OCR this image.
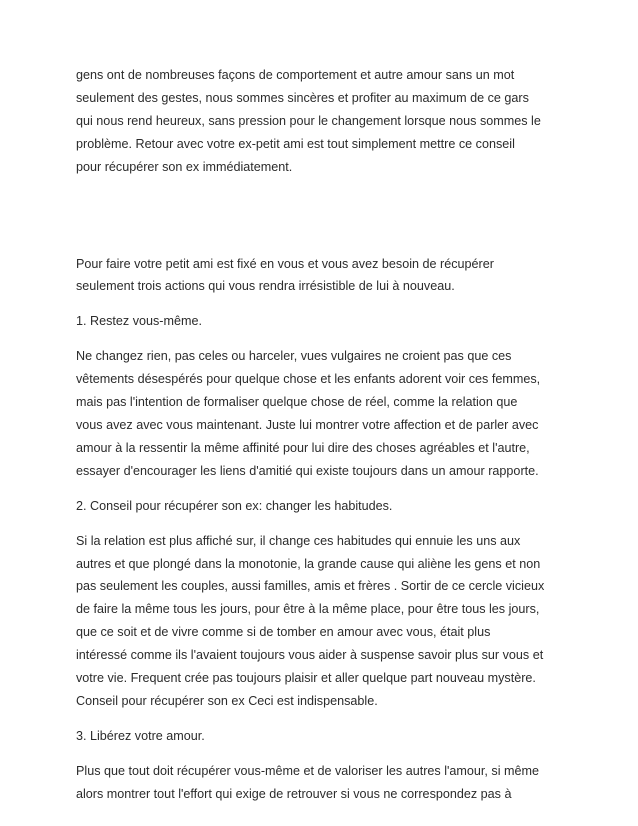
gens ont de nombreuses façons de comportement et autre amour sans un mot
seulement des gestes, nous sommes sincères et profiter au maximum de ce gars
qui nous rend heureux, sans pression pour le changement lorsque nous sommes le
problème. Retour avec votre ex-petit ami est tout simplement mettre ce conseil
pour récupérer son ex immédiatement.

Pour faire votre petit ami est fixé en vous et vous avez besoin de récupérer
seulement trois actions qui vous rendra irrésistible de lui à nouveau.

1. Restez vous-même.

Ne changez rien, pas celes ou harceler, vues vulgaires ne croient pas que ces
vêtements désespérés pour quelque chose et les enfants adorent voir ces femmes,
mais pas l'intention de formaliser quelque chose de réel, comme la relation que
vous avez avec vous maintenant. Juste lui montrer votre affection et de parler avec
amour à la ressentir la même affinité pour lui dire des choses agréables et l'autre,
essayer d'encourager les liens d'amitié qui existe toujours dans un amour rapporte.

2. Conseil pour récupérer son ex: changer les habitudes.

Si la relation est plus affiché sur, il change ces habitudes qui ennuie les uns aux
autres et que plongé dans la monotonie, la grande cause qui aliène les gens et non
pas seulement les couples, aussi familles, amis et frères . Sortir de ce cercle vicieux
de faire la même tous les jours, pour être à la même place, pour être tous les jours,
que ce soit et de vivre comme si de tomber en amour avec vous, était plus
intéressé comme ils l'avaient toujours vous aider à suspense savoir plus sur vous et
votre vie. Frequent crée pas toujours plaisir et aller quelque part nouveau mystère.
Conseil pour récupérer son ex Ceci est indispensable.

3. Libérez votre amour.

Plus que tout doit récupérer vous-même et de valoriser les autres l'amour, si même
alors montrer tout l'effort qui exige de retrouver si vous ne correspondez pas à
